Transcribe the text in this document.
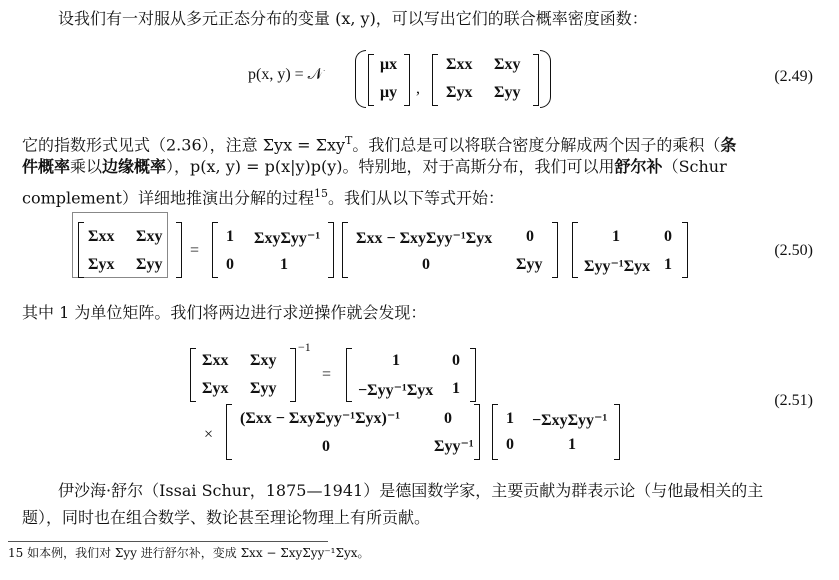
设我们有一对服从多元正态分布的变量 (x, y)，可以写出它们的联合概率密度函数：
p(x, y) = 𝒩
μx
μy ,
Σxx Σxy
Σyx Σyy
(2.49)
它的指数形式见式（2.36），注意 Σyx = Σxy$^T$。我们总是可以将联合密度分解成两个因子的乘积（条
件概率乘以边缘概率），p(x, y) = p(x|y)p(y)。特别地，对于高斯分布，我们可以用舒尔补（Schur
complement）详细地推演出分解的过程$^{15}$。我们从以下等式开始：
Σxx Σxy
Σyx Σyy
=
1 ΣxyΣyy⁻¹
0	1
Σxx − ΣxyΣyy⁻¹Σyx 0
0	Σyy
1	0
Σyy⁻¹Σyx 1
(2.50)
其中 1 为单位矩阵。我们将两边进行求逆操作就会发现：
Σxx Σxy
Σyx Σyy
−1
=
1	0
−Σyy⁻¹Σyx 1
×
(Σxx − ΣxyΣyy⁻¹Σyx)⁻¹	0
0	Σyy⁻¹
1 −ΣxyΣyy⁻¹
0	1
(2.51)
伊沙海·舒尔（Issai Schur，1875—1941）是德国数学家，主要贡献为群表示论（与他最相关的主
题），同时也在组合数学、数论甚至理论物理上有所贡献。
15 如本例，我们对 Σyy 进行舒尔补，变成 Σxx − ΣxyΣyy⁻¹Σyx。
